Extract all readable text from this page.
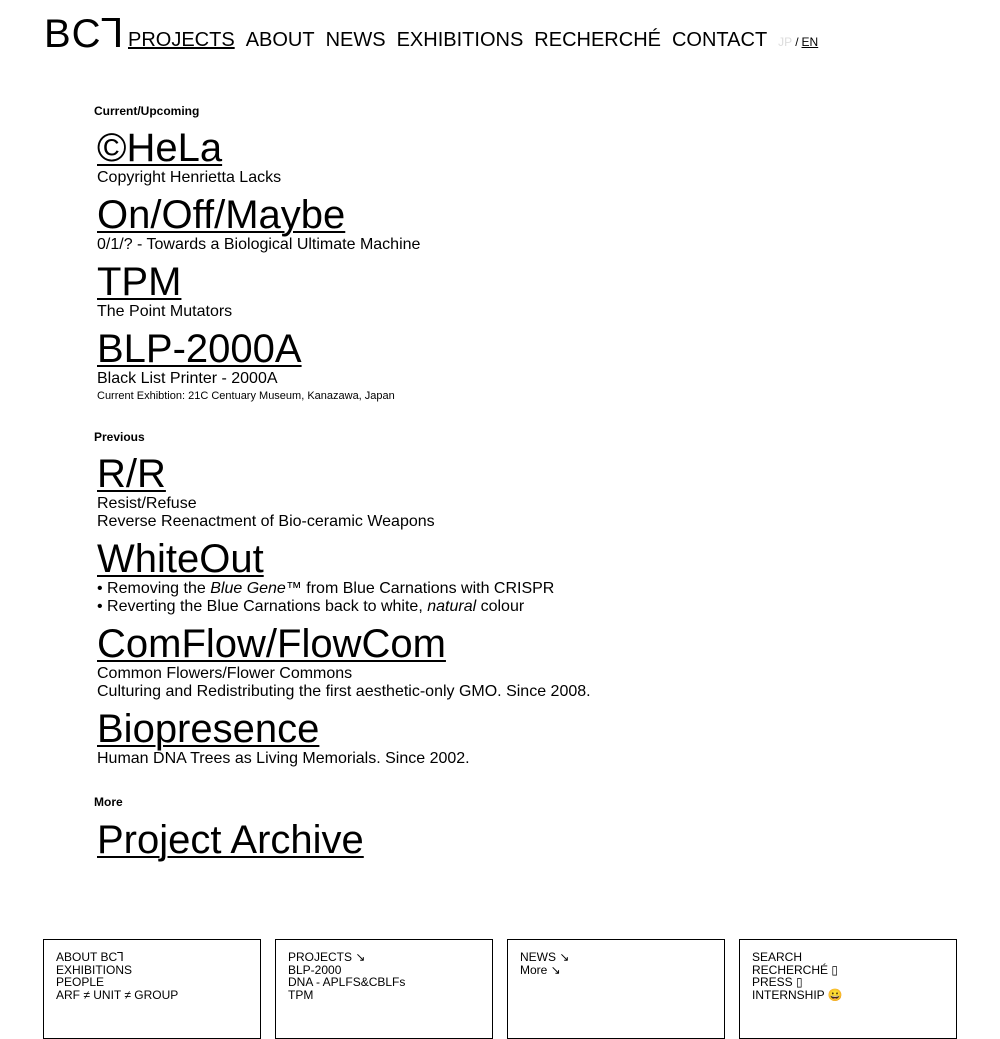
BC⅂ PROJECTS ABOUT NEWS EXHIBITIONS RECHERCHÉ CONTACT JP / EN
Current/Upcoming
©HeLa
Copyright Henrietta Lacks
On/Off/Maybe
0/1/? - Towards a Biological Ultimate Machine
TPM
The Point Mutators
BLP-2000A
Black List Printer - 2000A
Current Exhibtion: 21C Centuary Museum, Kanazawa, Japan
Previous
R/R
Resist/Refuse
Reverse Reenactment of Bio-ceramic Weapons
WhiteOut
• Removing the Blue Gene™ from Blue Carnations with CRISPR
• Reverting the Blue Carnations back to white, natural colour
ComFlow/FlowCom
Common Flowers/Flower Commons
Culturing and Redistributing the first aesthetic-only GMO. Since 2008.
Biopresence
Human DNA Trees as Living Memorials. Since 2002.
More
Project Archive
ABOUT BC⅂
EXHIBITIONS
PEOPLE
ARF ≠ UNIT ≠ GROUP
PROJECTS ↘
BLP-2000
DNA - APLFS&CBLFs
TPM
NEWS ↘
More ↘
SEARCH
RECHERCHÉ ▯
PRESS ▯
INTERNSHIP 😀
